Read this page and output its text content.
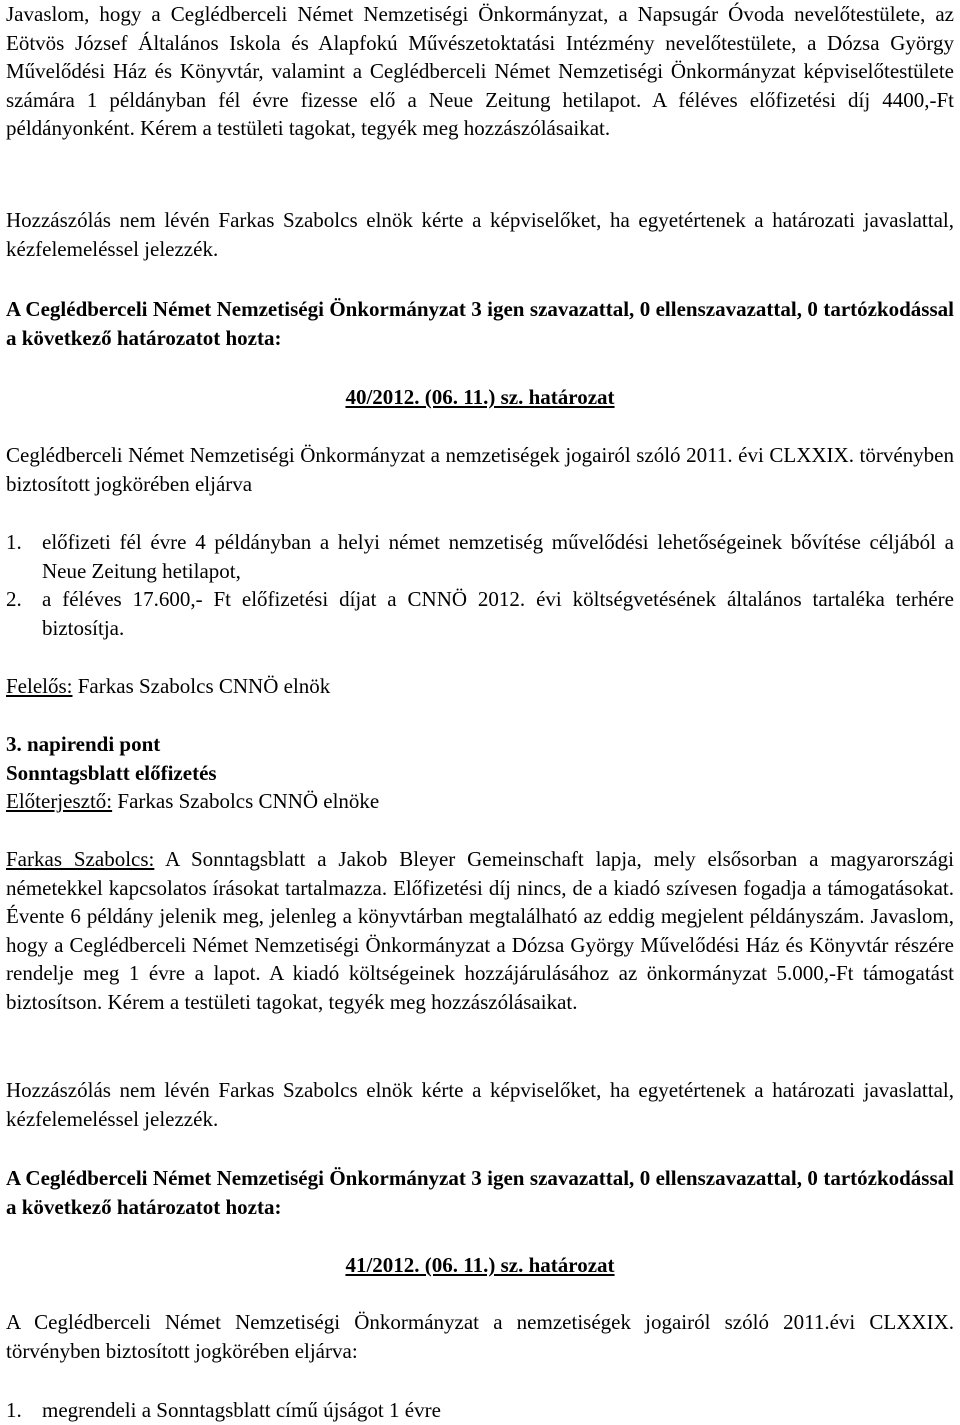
Javaslom, hogy a Ceglédberceli Német Nemzetiségi Önkormányzat, a Napsugár Óvoda nevelőtestülete, az Eötvös József Általános Iskola és Alapfokú Művészetoktatási Intézmény nevelőtestülete, a Dózsa György Művelődési Ház és Könyvtár, valamint a Ceglédberceli Német Nemzetiségi Önkormányzat képviselőtestülete számára 1 példányban fél évre fizesse elő a Neue Zeitung hetilapot. A féléves előfizetési díj 4400,-Ft példányonként. Kérem a testületi tagokat, tegyék meg hozzászólásaikat.

Hozzászólás nem lévén Farkas Szabolcs elnök kérte a képviselőket, ha egyetértenek a határozati javaslattal, kézfelemeléssel jelezzék.

A Ceglédberceli Német Nemzetiségi Önkormányzat 3 igen szavazattal, 0 ellenszavazattal, 0 tartózkodással a következő határozatot hozta:

40/2012. (06. 11.) sz. határozat

Ceglédberceli Német Nemzetiségi Önkormányzat a nemzetiségek jogairól szóló 2011. évi CLXXIX. törvényben biztosított jogkörében eljárva

1. előfizeti fél évre 4 példányban a helyi német nemzetiség művelődési lehetőségeinek bővítése céljából a Neue Zeitung hetilapot,

2. a féléves 17.600,- Ft előfizetési díjat a CNNÖ 2012. évi költségvetésének általános tartaléka terhére biztosítja.

Felelős: Farkas Szabolcs CNNÖ elnök

3. napirendi pont

Sonntagsblatt előfizetés

Előterjesztő: Farkas Szabolcs CNNÖ elnöke

Farkas Szabolcs: A Sonntagsblatt a Jakob Bleyer Gemeinschaft lapja, mely elsősorban a magyarországi németekkel kapcsolatos írásokat tartalmazza. Előfizetési díj nincs, de a kiadó szívesen fogadja a támogatásokat. Évente 6 példány jelenik meg, jelenleg a könyvtárban megtalálható az eddig megjelent példányszám. Javaslom, hogy a Ceglédberceli Német Nemzetiségi Önkormányzat a Dózsa György Művelődési Ház és Könyvtár részére rendelje meg 1 évre a lapot. A kiadó költségeinek hozzájárulásához az önkormányzat 5.000,-Ft támogatást biztosítson. Kérem a testületi tagokat, tegyék meg hozzászólásaikat.

Hozzászólás nem lévén Farkas Szabolcs elnök kérte a képviselőket, ha egyetértenek a határozati javaslattal, kézfelemeléssel jelezzék.

A Ceglédberceli Német Nemzetiségi Önkormányzat 3 igen szavazattal, 0 ellenszavazattal, 0 tartózkodással a következő határozatot hozta:

41/2012. (06. 11.) sz. határozat

A Ceglédberceli Német Nemzetiségi Önkormányzat a nemzetiségek jogairól szóló 2011.évi CLXXIX. törvényben biztosított jogkörében eljárva:

1. megrendeli a Sonntagsblatt című újságot 1 évre
